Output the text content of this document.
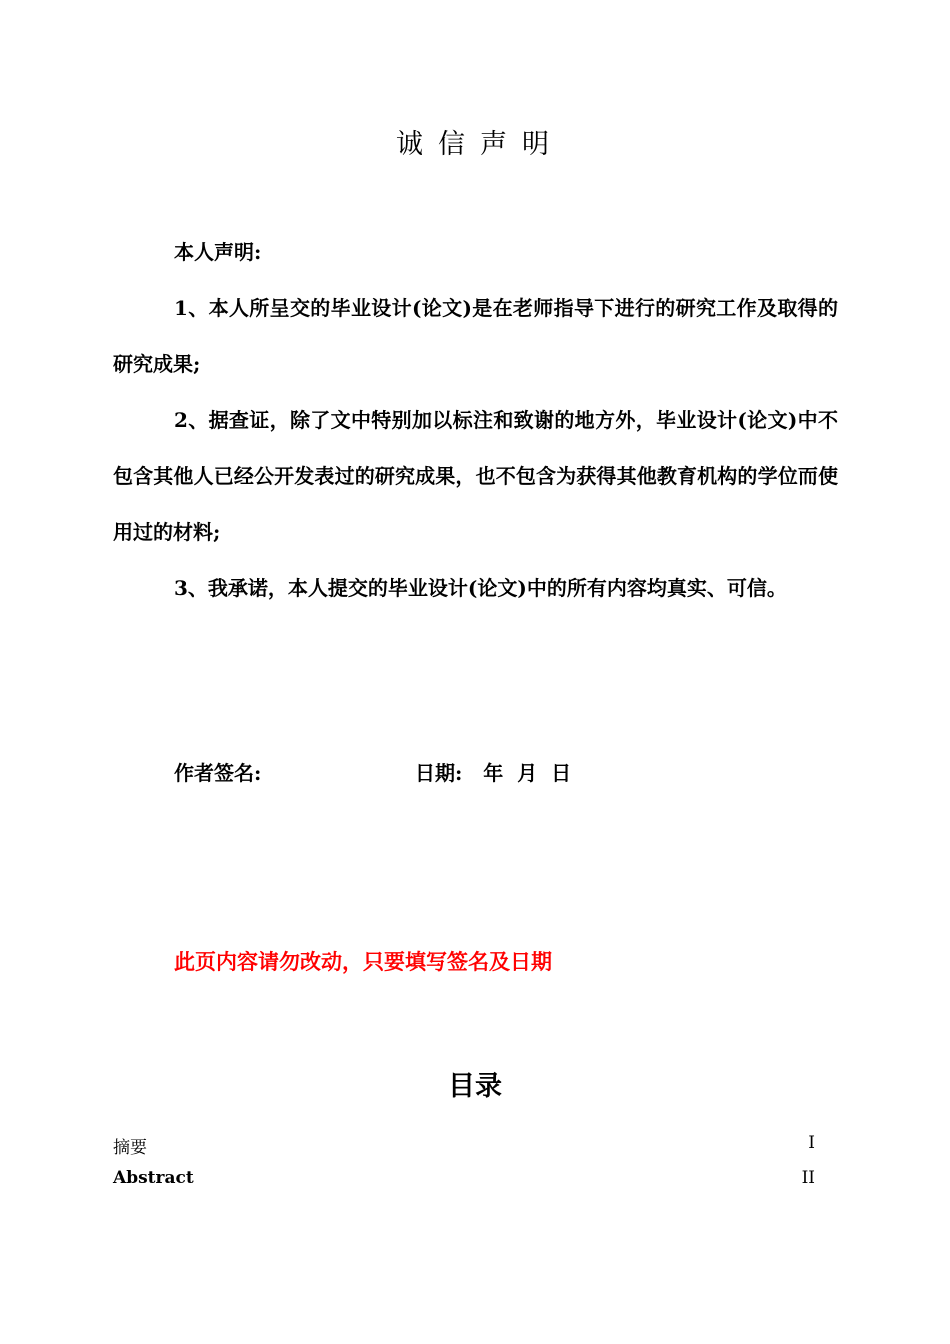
诚信声明
本人声明:

1、本人所呈交的毕业设计(论文)是在老师指导下进行的研究工作及取得的研究成果;

2、据查证，除了文中特别加以标注和致谢的地方外，毕业设计(论文)中不包含其他人已经公开发表过的研究成果，也不包含为获得其他教育机构的学位而使用过的材料;

3、我承诺，本人提交的毕业设计(论文)中的所有内容均真实、可信。

作者签名:	日期: 年  月  日
此页内容请勿改动，只要填写签名及日期
目录
摘要	I
Abstract	II
